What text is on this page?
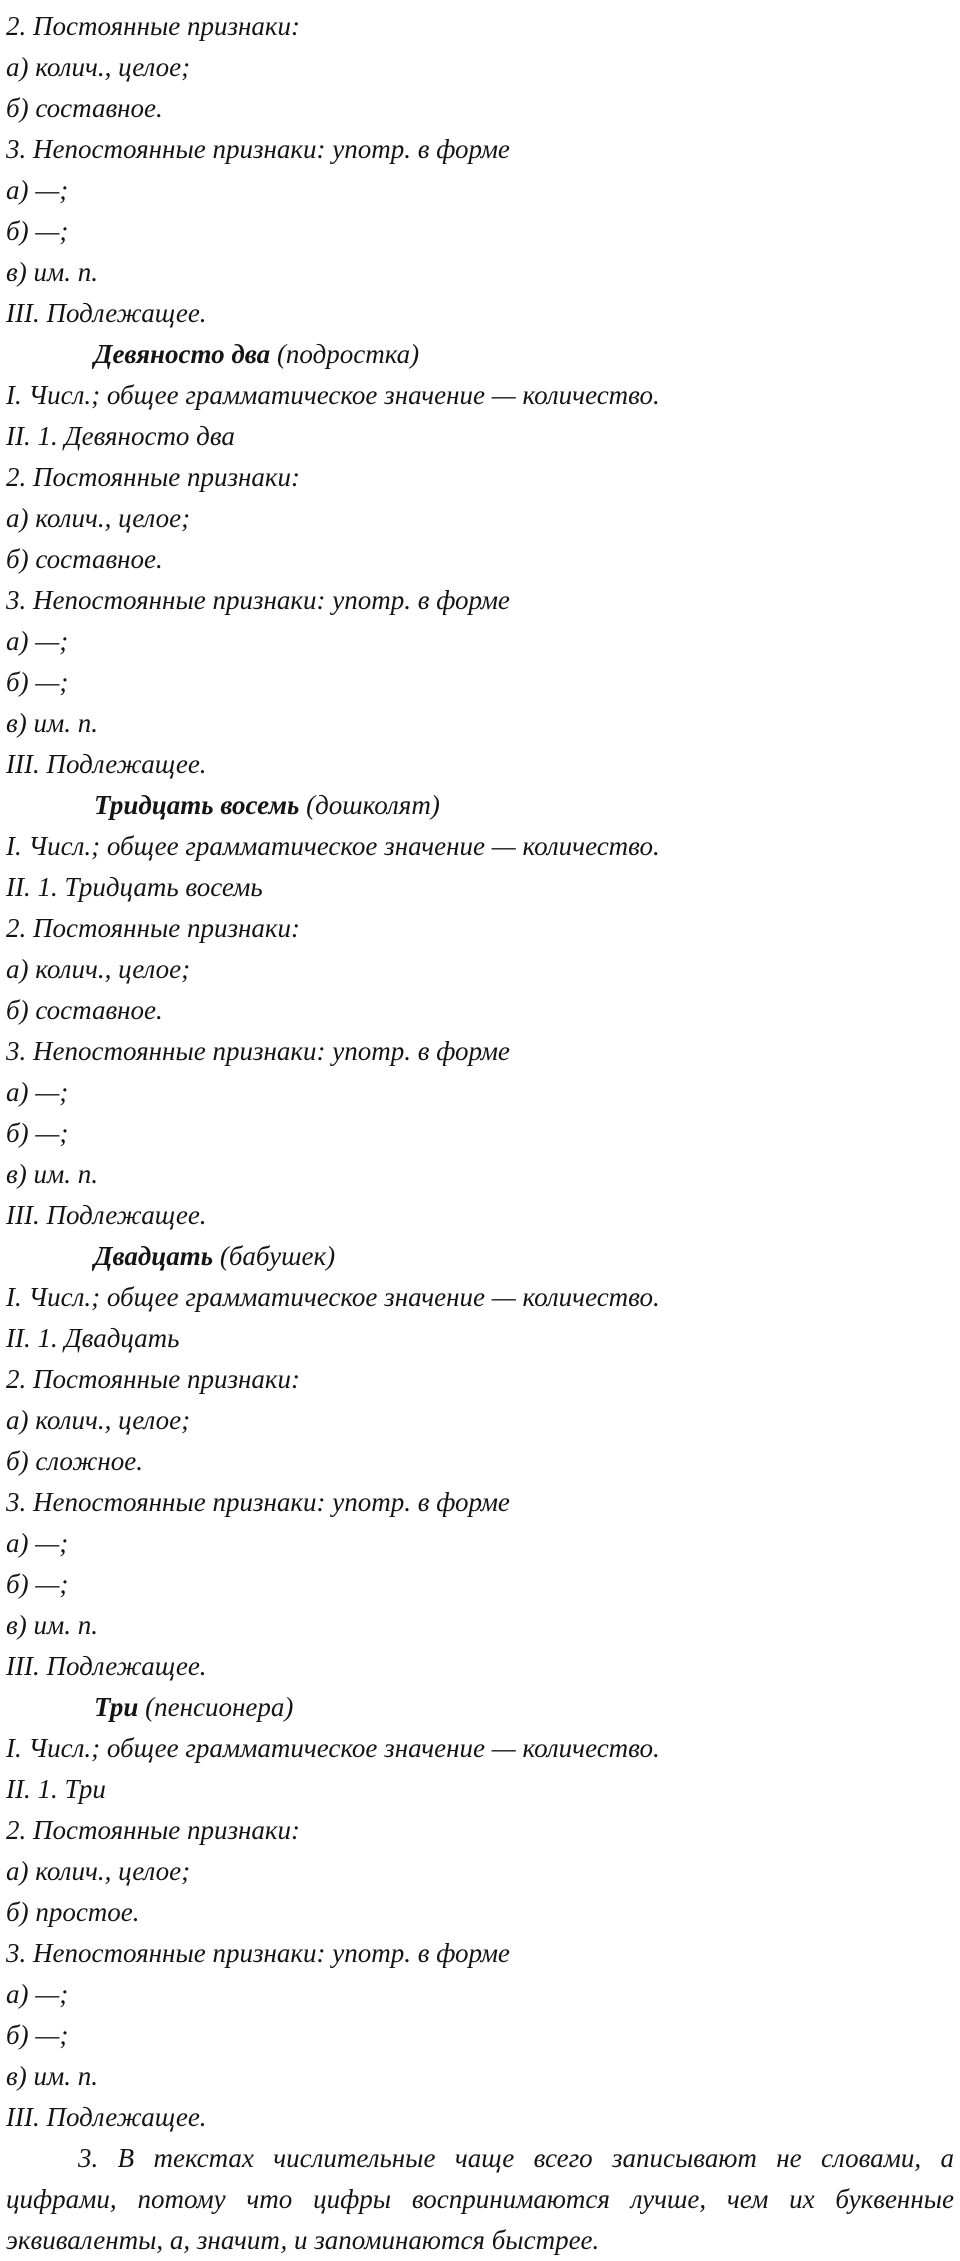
2. Постоянные признаки:
а) колич., целое;
б) составное.
3. Непостоянные признаки: употр. в форме
а) —;
б) —;
в) им. п.
III. Подлежащее.
Девяносто два (подростка)
I. Числ.; общее грамматическое значение — количество.
II. 1. Девяносто два
2. Постоянные признаки:
а) колич., целое;
б) составное.
3. Непостоянные признаки: употр. в форме
а) —;
б) —;
в) им. п.
III. Подлежащее.
Тридцать восемь (дошколят)
I. Числ.; общее грамматическое значение — количество.
II. 1. Тридцать восемь
2. Постоянные признаки:
а) колич., целое;
б) составное.
3. Непостоянные признаки: употр. в форме
а) —;
б) —;
в) им. п.
III. Подлежащее.
Двадцать (бабушек)
I. Числ.; общее грамматическое значение — количество.
II. 1. Двадцать
2. Постоянные признаки:
а) колич., целое;
б) сложное.
3. Непостоянные признаки: употр. в форме
а) —;
б) —;
в) им. п.
III. Подлежащее.
Три (пенсионера)
I. Числ.; общее грамматическое значение — количество.
II. 1. Три
2. Постоянные признаки:
а) колич., целое;
б) простое.
3. Непостоянные признаки: употр. в форме
а) —;
б) —;
в) им. п.
III. Подлежащее.
3. В текстах числительные чаще всего записывают не словами, а цифрами, потому что цифры воспринимаются лучше, чем их буквенные эквиваленты, а, значит, и запоминаются быстрее.
